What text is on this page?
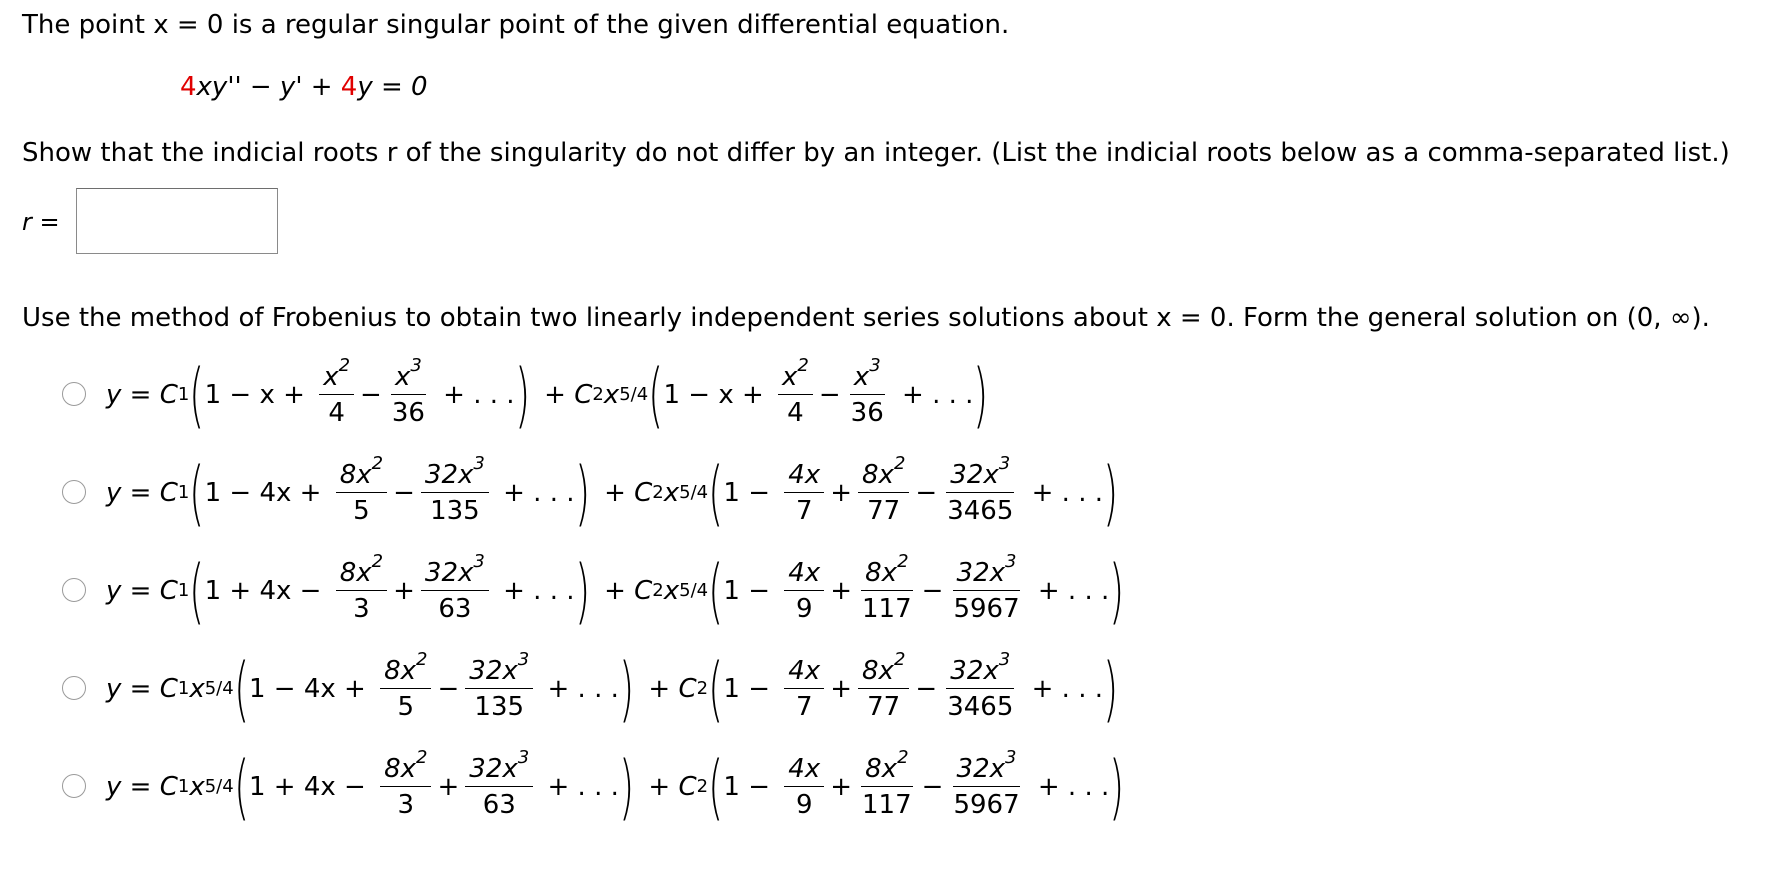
The point x = 0 is a regular singular point of the given differential equation.
4xy'' − y' + 4y = 0
Show that the indicial roots r of the singularity do not differ by an integer. (List the indicial roots below as a comma-separated list.)
r =
Use the method of Frobenius to obtain two linearly independent series solutions about x = 0. Form the general solution on (0, ∞).
y = C 1 ( $1 - x + \frac{x^2}{4} - \frac{x^3}{36}$ + . . . ) + C 2 x 5/4 ( $1 - x + \frac{x^2}{4} - \frac{x^3}{36}$ + . . . )
y = C 1 ( $1 - 4x + \frac{8x^2}{5} - \frac{32x^3}{135}$ + . . . ) + C 2 x 5/4 ( $1 - \frac{4x}{7} + \frac{8x^2}{77} - \frac{32x^3}{3465}$ + . . . )
y = C 1 ( $1 + 4x - \frac{8x^2}{3} + \frac{32x^3}{63}$ + . . . ) + C 2 x 5/4 ( $1 - \frac{4x}{9} + \frac{8x^2}{117} - \frac{32x^3}{5967}$ + . . . )
y = C 1 x 5/4 ( $1 - 4x + \frac{8x^2}{5} - \frac{32x^3}{135}$ + . . . ) + C 2 ( $1 - \frac{4x}{7} + \frac{8x^2}{77} - \frac{32x^3}{3465}$ + . . . )
y = C 1 x 5/4 ( $1 + 4x - \frac{8x^2}{3} + \frac{32x^3}{63}$ + . . . ) + C 2 ( $1 - \frac{4x}{9} + \frac{8x^2}{117} - \frac{32x^3}{5967}$ + . . . )
